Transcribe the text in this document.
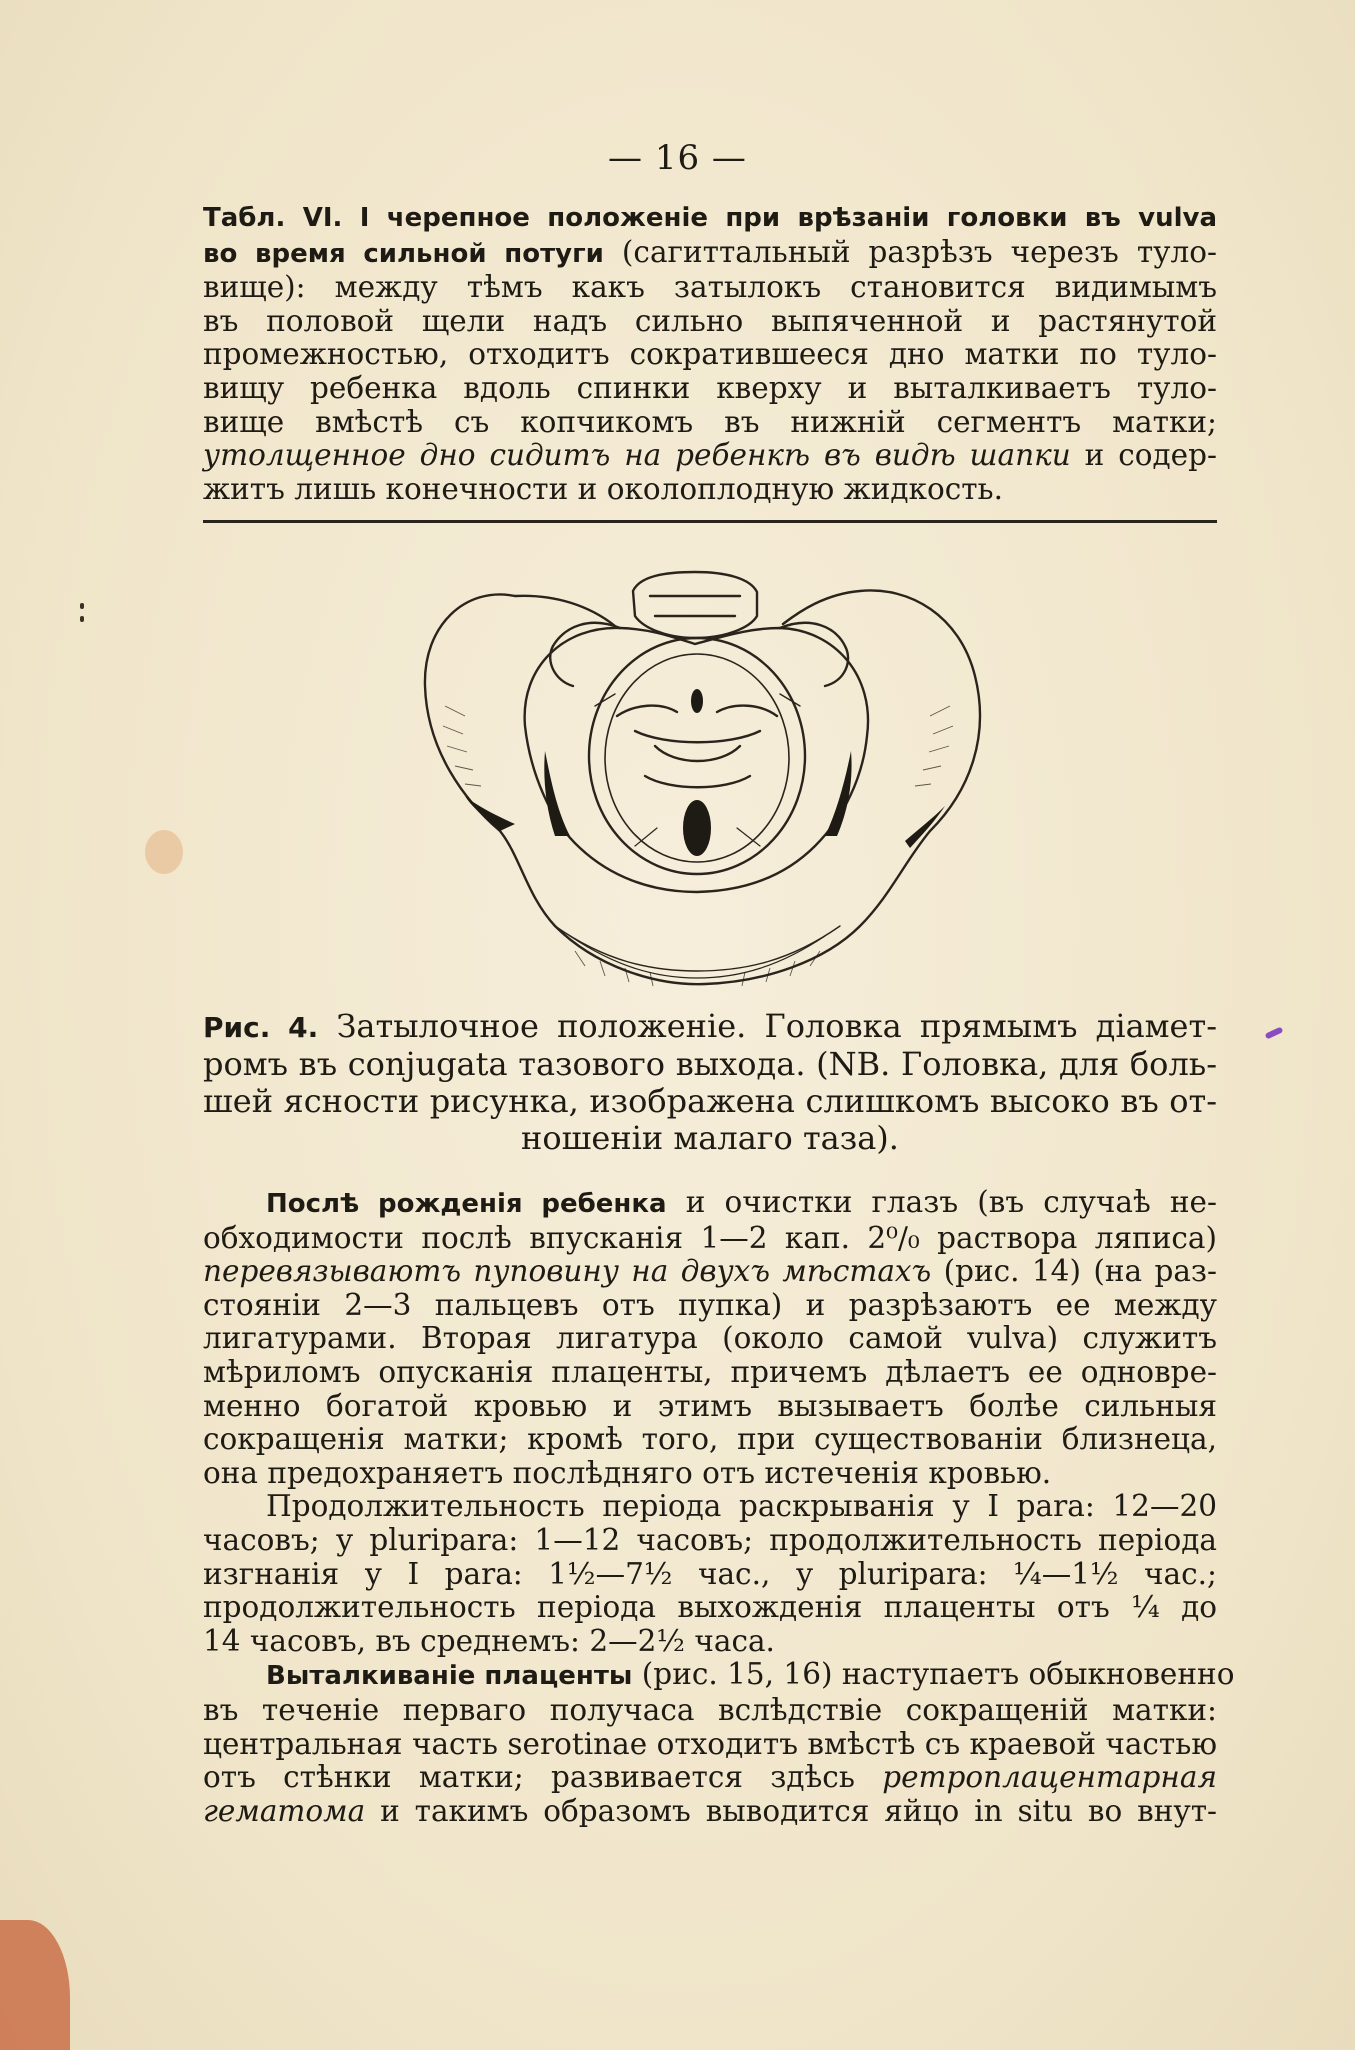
— 16 —
Табл. VI. I черепное положеніе при врѣзаніи головки въ vulva
во время сильной потуги (сагиттальный разрѣзъ черезъ туло-
вище): между тѣмъ какъ затылокъ становится видимымъ
въ половой щели надъ сильно выпяченной и растянутой
промежностью, отходитъ сократившееся дно матки по туло-
вищу ребенка вдоль спинки кверху и выталкиваетъ туло-
вище вмѣстѣ съ копчикомъ въ нижній сегментъ матки;
утолщенное дно сидитъ на ребенкѣ въ видѣ шапки и содер-
житъ лишь конечности и околоплодную жидкость.
Рис. 4. Затылочное положеніе. Головка прямымъ діамет-
ромъ въ conjugata тазового выхода. (NB. Головка, для боль-
шей ясности рисунка, изображена слишкомъ высоко въ от-
ношеніи малаго таза).
Послѣ рожденія ребенка и очистки глазъ (въ случаѣ не-
обходимости послѣ впусканія 1—2 кап. 2⁰/₀ раствора ляписа)
перевязываютъ пуповину на двухъ мѣстахъ (рис. 14) (на раз-
стояніи 2—3 пальцевъ отъ пупка) и разрѣзаютъ ее между
лигатурами. Вторая лигатура (около самой vulva) служитъ
мѣриломъ опусканія плаценты, причемъ дѣлаетъ ее одновре-
менно богатой кровью и этимъ вызываетъ болѣе сильныя
сокращенія матки; кромѣ того, при существованіи близнеца,
она предохраняетъ послѣдняго отъ истеченія кровью.
Продолжительность періода раскрыванія у I para: 12—20
часовъ; у plurіpara: 1—12 часовъ; продолжительность періода
изгнанія у I para: 1½—7½ час., у plurіpara: ¼—1½ час.;
продолжительность періода выхожденія плаценты отъ ¼ до
14 часовъ, въ среднемъ: 2—2½ часа.
Выталкиваніе плаценты (рис. 15, 16) наступаетъ обыкновенно
въ теченіе перваго получаса вслѣдствіе сокращеній матки:
центральная часть serotinae отходитъ вмѣстѣ съ краевой частью
отъ стѣнки матки; развивается здѣсь ретроплацентарная
гематома и такимъ образомъ выводится яйцо in situ во внут-
